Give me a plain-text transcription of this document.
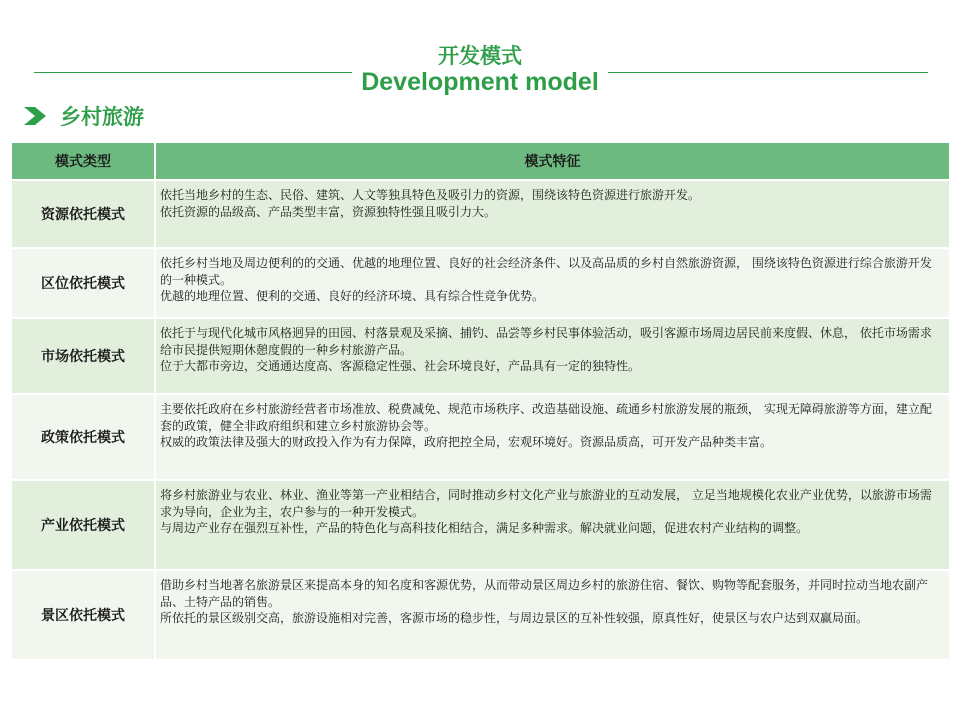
开发模式
Development model
乡村旅游
模式类型	模式特征
资源依托模式

依托当地乡村的生态、民俗、建筑、人文等独具特色及吸引力的资源，围绕该特色资源进行旅游开发。

依托资源的品级高、产品类型丰富，资源独特性强且吸引力大。

区位依托模式

依托乡村当地及周边便利的的交通、优越的地理位置、良好的社会经济条件、以及高品质的乡村自然旅游资源， 围绕该特色资源进行综合旅游开发的一种模式。

优越的地理位置、便利的交通、良好的经济环境、具有综合性竞争优势。

市场依托模式

依托于与现代化城市风格迥异的田园、村落景观及采摘、捕钓、品尝等乡村民事体验活动，吸引客源市场周边居民前来度假、休息， 依托市场需求给市民提供短期休憩度假的一种乡村旅游产品。

位于大都市旁边，交通通达度高、客源稳定性强、社会环境良好，产品具有一定的独特性。

政策依托模式

主要依托政府在乡村旅游经营者市场准放、税费减免、规范市场秩序、改造基础设施、疏通乡村旅游发展的瓶颈， 实现无障碍旅游等方面，建立配套的政策，健全非政府组织和建立乡村旅游协会等。

权威的政策法律及强大的财政投入作为有力保障，政府把控全局，宏观环境好。资源品质高，可开发产品种类丰富。

产业依托模式

将乡村旅游业与农业、林业、渔业等第一产业相结合，同时推动乡村文化产业与旅游业的互动发展， 立足当地规模化农业产业优势，以旅游市场需求为导向，企业为主，农户参与的一种开发模式。

与周边产业存在强烈互补性，产品的特色化与高科技化相结合，满足多种需求。解决就业问题，促进农村产业结构的调整。

景区依托模式

借助乡村当地著名旅游景区来提高本身的知名度和客源优势，从而带动景区周边乡村的旅游住宿、餐饮、购物等配套服务，并同时拉动当地农副产品、土特产品的销售。

所依托的景区级别交高，旅游设施相对完善，客源市场的稳步性，与周边景区的互补性较强，原真性好，使景区与农户达到双赢局面。
